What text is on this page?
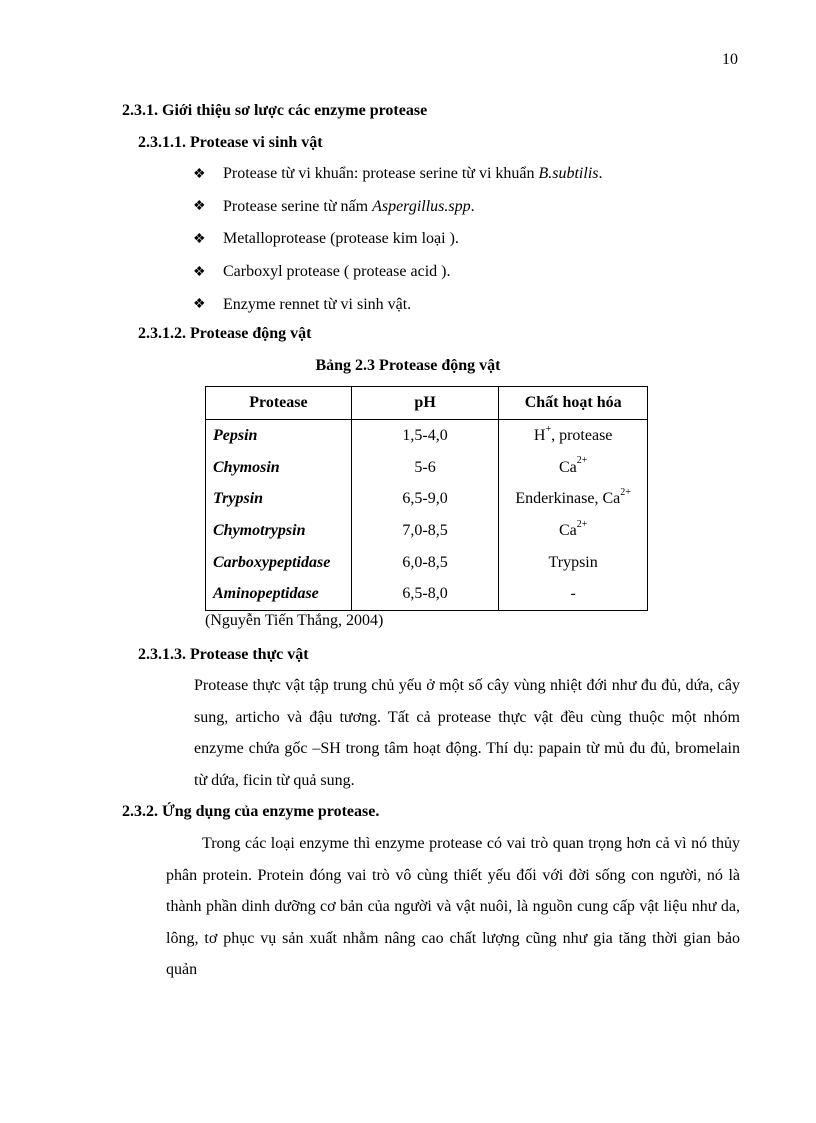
10
2.3.1. Giới thiệu sơ lược các enzyme protease
2.3.1.1. Protease vi sinh vật
❖	Protease từ vi khuẩn: protease serine từ vi khuẩn B.subtilis.
❖	Protease serine từ nấm Aspergillus.spp.
❖	Metalloprotease (protease kim loại ).
❖	Carboxyl protease ( protease acid ).
❖	Enzyme rennet từ vi sinh vật.
2.3.1.2. Protease động vật
Bảng 2.3 Protease động vật
Protease	pH	Chất hoạt hóa
Pepsin	1,5-4,0	H+, protease
Chymosin	5-6	$Ca^{2+}$
Trypsin	6,5-9,0	Enderkinase, $Ca^{2+}$
Chymotrypsin	7,0-8,5	$Ca^{2+}$
Carboxypeptidase	6,0-8,5	Trypsin
Aminopeptidase	6,5-8,0	-
(Nguyễn Tiến Thắng, 2004)
2.3.1.3. Protease thực vật
Protease thực vật tập trung chủ yếu ở một số cây vùng nhiệt đới như đu đủ, dứa, cây sung, articho và đậu tương. Tất cả protease thực vật đều cùng thuộc một nhóm enzyme chứa gốc –SH trong tâm hoạt động. Thí dụ: papain từ mủ đu đủ, bromelain từ dứa, ficin từ quả sung.
2.3.2. Ứng dụng của enzyme protease.
Trong các loại enzyme thì enzyme protease có vai trò quan trọng hơn cả vì nó thủy phân protein. Protein đóng vai trò vô cùng thiết yếu đối với đời sống con người, nó là thành phần dinh dưỡng cơ bản của người và vật nuôi, là nguồn cung cấp vật liệu như da, lông, tơ phục vụ sản xuất nhằm nâng cao chất lượng cũng như gia tăng thời gian bảo quản
